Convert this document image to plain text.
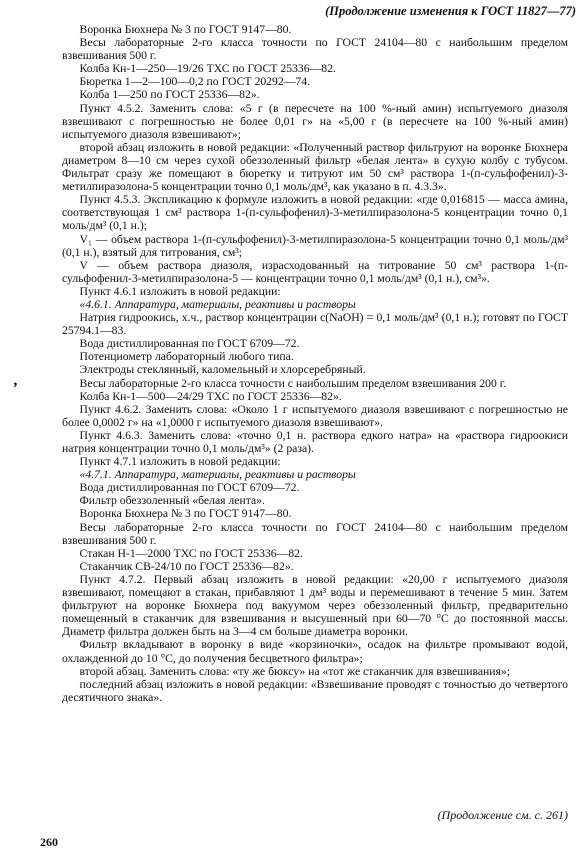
(Продолжение изменения к ГОСТ 11827—77)
ʼ

Воронка Бюхнера № 3 по ГОСТ 9147—80.

Весы лабораторные 2-го класса точности по ГОСТ 24104—80 с наибольшим пределом взвешивания 500 г.

Колба Кн-1—250—19/26 ТХС по ГОСТ 25336—82.

Бюретка 1—2—100—0,2 по ГОСТ 20292—74.

Колба 1—250 по ГОСТ 25336—82».

Пункт 4.5.2. Заменить слова: «5 г (в пересчете на 100 %-ный амин) испытуемого диазоля взвешивают с погрешностью не более 0,01 г» на «5,00 г (в пересчете на 100 %-ный амин) испытуемого диазоля взвешивают»;

второй абзац изложить в новой редакции: «Полученный раствор фильтруют на воронке Бюхнера диаметром 8—10 см через сухой обеззоленный фильтр «белая лента» в сухую колбу с тубусом. Фильтрат сразу же помещают в бюретку и титруют им 50 см³ раствора 1-(п-сульфофенил)-3-метилпиразолона-5 концентрации точно 0,1 моль/дм³, как указано в п. 4.3.3».

Пункт 4.5.3. Экспликацию к формуле изложить в новой редакции: «где 0,016815 — масса амина, соответствующая 1 см³ раствора 1-(п-сульфофенил)-3-метилпиразолона-5 концентрации точно 0,1 моль/дм³ (0,1 н.);

V₁ — объем раствора 1-(п-сульфофенил)-3-метилпиразолона-5 концентрации точно 0,1 моль/дм³ (0,1 н.), взятый для титрования, см³;

V — объем раствора диазоля, израсходованный на титрование 50 см³ раствора 1-(п-сульфофенил-3-метилпиразолона-5 — концентрации точно 0,1 моль/дм³ (0,1 н.), см³».

Пункт 4.6.1 изложить в новой редакции:

«4.6.1. Аппаратура, материалы, реактивы и растворы

Натрия гидроокись, х.ч., раствор концентрации c(NaOH) = 0,1 моль/дм³ (0,1 н.); готовят по ГОСТ 25794.1—83.

Вода дистиллированная по ГОСТ 6709—72.

Потенциометр лабораторный любого типа.

Электроды стеклянный, каломельный и хлорсеребряный.

Весы лабораторные 2-го класса точности с наибольшим пределом взвешивания 200 г.

Колба Кн-1—500—24/29 ТХС по ГОСТ 25336—82».

Пункт 4.6.2. Заменить слова: «Около 1 г испытуемого диазоля взвешивают с погрешностью не более 0,0002 г» на «1,0000 г испытуемого диазоля взвешивают».

Пункт 4.6.3. Заменить слова: «точно 0,1 н. раствора едкого натра» на «раствора гидроокиси натрия концентрации точно 0,1 моль/дм³» (2 раза).

Пункт 4.7.1 изложить в новой редакции:

«4.7.1. Аппаратура, материалы, реактивы и растворы

Вода дистиллированная по ГОСТ 6709—72.

Фильтр обеззоленный «белая лента».

Воронка Бюхнера № 3 по ГОСТ 9147—80.

Весы лабораторные 2-го класса точности по ГОСТ 24104—80 с наибольшим пределом взвешивания 500 г.

Стакан Н-1—2000 ТХС по ГОСТ 25336—82.

Стаканчик СВ-24/10 по ГОСТ 25336—82».

Пункт 4.7.2. Первый абзац изложить в новой редакции: «20,00 г испытуемого диазоля взвешивают, помещают в стакан, прибавляют 1 дм³ воды и перемешивают в течение 5 мин. Затем фильтруют на воронке Бюхнера под вакуумом через обеззоленный фильтр, предварительно помещенный в стаканчик для взвешивания и высушенный при 60—70 °С до постоянной массы. Диаметр фильтра должен быть на 3—4 см больше диаметра воронки.

Фильтр вкладывают в воронку в виде «корзиночки», осадок на фильтре промывают водой, охлажденной до 10 °С, до получения бесцветного фильтра»;

второй абзац. Заменить слова: «ту же бюксу» на «тот же стаканчик для взвешивания»;

последний абзац изложить в новой редакции: «Взвешивание проводят с точностью до четвертого десятичного знака».

(Продолжение см. с. 261)
260
